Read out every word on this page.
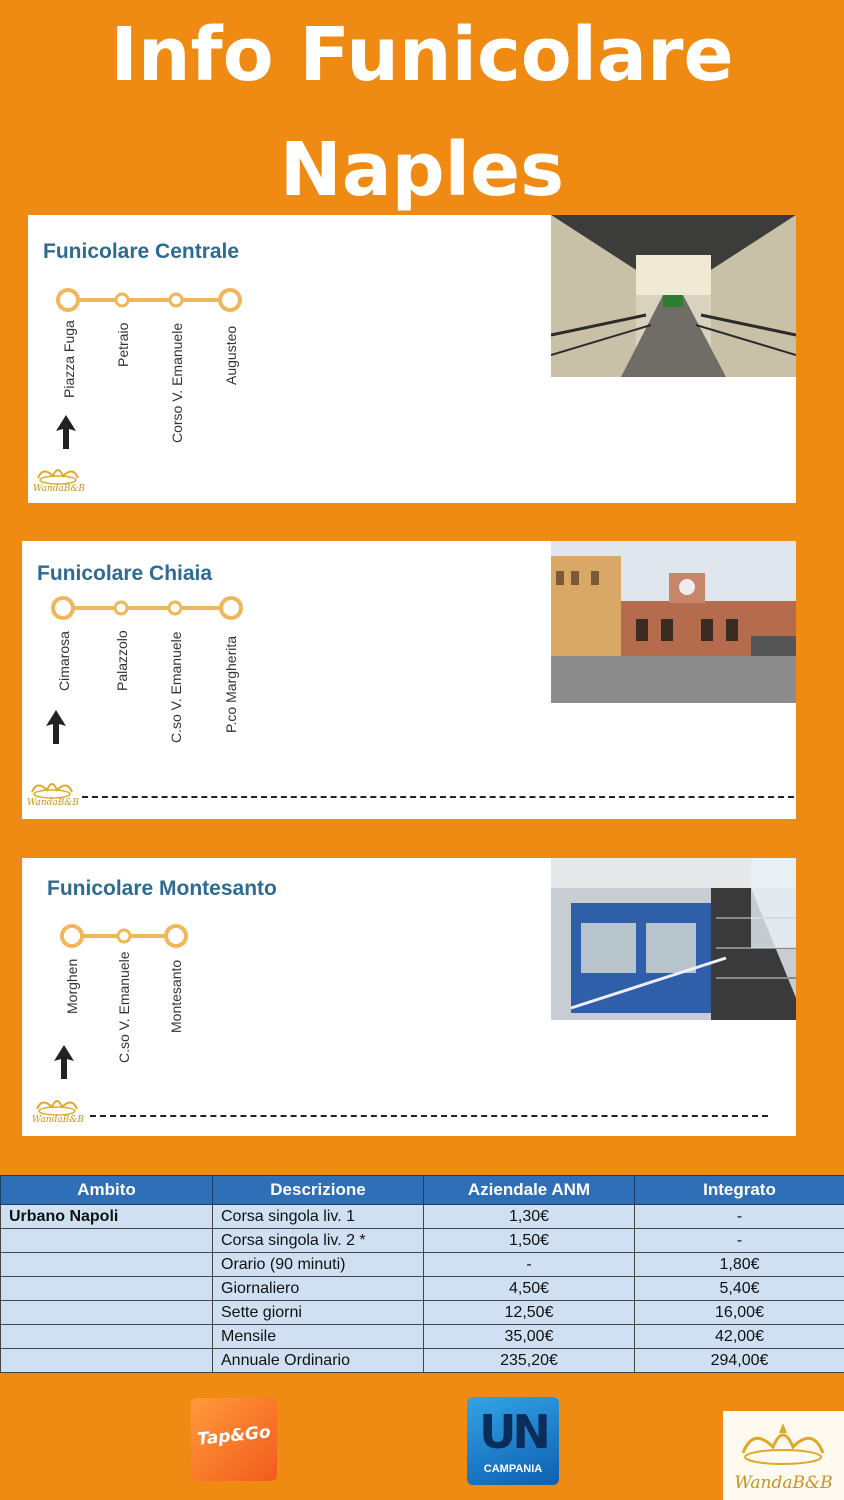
Info Funicolare
Naples
Funicolare Centrale
Piazza Fuga	Petraio	Corso V. Emanuele	Augusteo
WandaB&B
Funicolare Chiaia
Cimarosa	Palazzolo	C.so V. Emanuele	P.co Margherita
WandaB&B
Funicolare Montesanto
Morghen	C.so V. Emanuele	Montesanto
WandaB&B
Ambito	Descrizione	Aziendale ANM	Integrato
Urbano Napoli	Corsa singola liv. 1	1,30€	-
	Corsa singola liv. 2 *	1,50€	-
	Orario (90 minuti)	-	1,80€
	Giornaliero	4,50€	5,40€
	Sette giorni	12,50€	16,00€
	Mensile	35,00€	42,00€
	Annuale Ordinario	235,20€	294,00€
Tap&Go	UN
CAMPANIA
WandaB&B
